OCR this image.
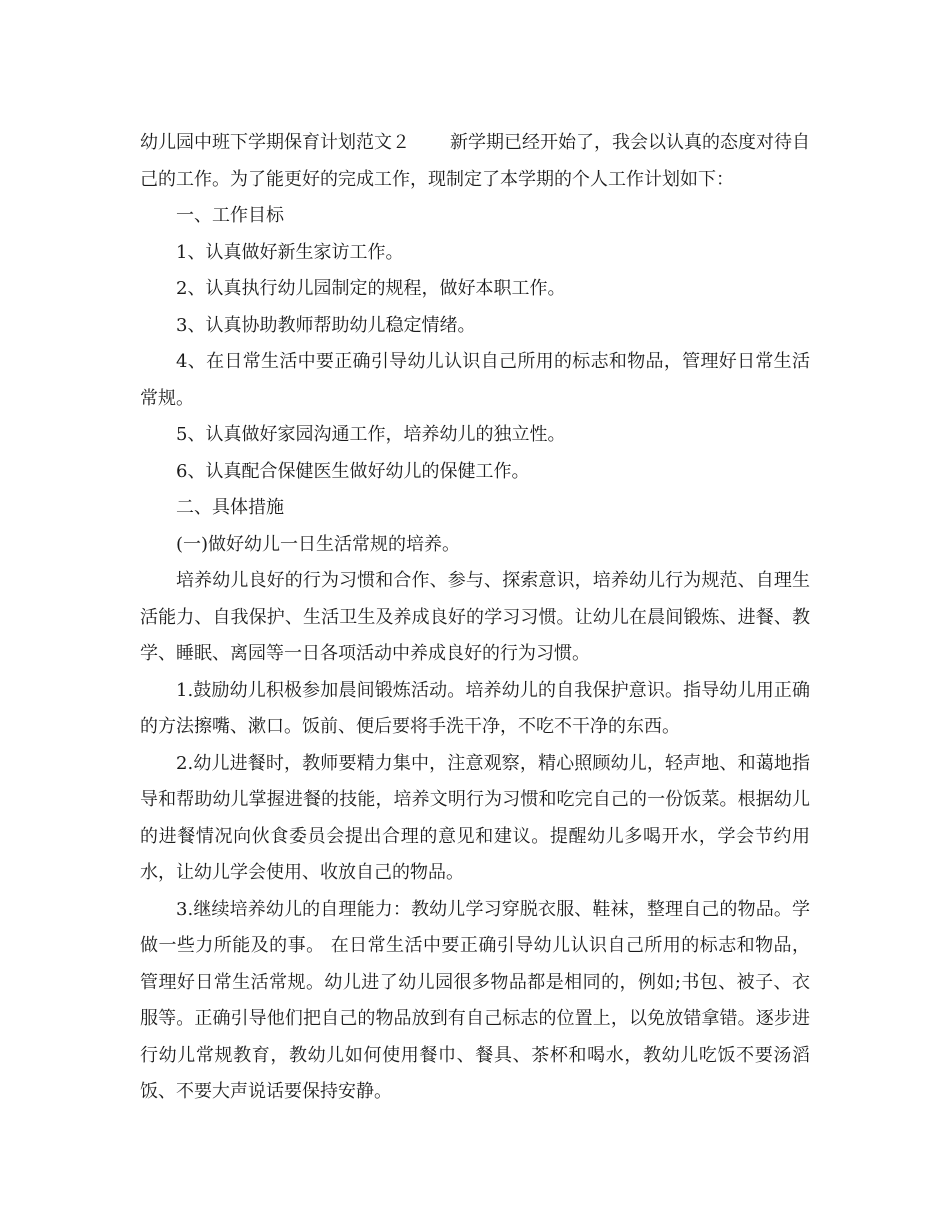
幼儿园中班下学期保育计划范文２ 新学期已经开始了，我会以认真的态度对待自己的工作。为了能更好的完成工作，现制定了本学期的个人工作计划如下：

一、工作目标

1、认真做好新生家访工作。

2、认真执行幼儿园制定的规程，做好本职工作。

3、认真协助教师帮助幼儿稳定情绪。

4、在日常生活中要正确引导幼儿认识自己所用的标志和物品，管理好日常生活常规。

5、认真做好家园沟通工作，培养幼儿的独立性。

6、认真配合保健医生做好幼儿的保健工作。

二、具体措施

(一)做好幼儿一日生活常规的培养。

培养幼儿良好的行为习惯和合作、参与、探索意识，培养幼儿行为规范、自理生活能力、自我保护、生活卫生及养成良好的学习习惯。让幼儿在晨间锻炼、进餐、教学、睡眠、离园等一日各项活动中养成良好的行为习惯。

1.鼓励幼儿积极参加晨间锻炼活动。培养幼儿的自我保护意识。指导幼儿用正确的方法擦嘴、漱口。饭前、便后要将手洗干净，不吃不干净的东西。

2.幼儿进餐时，教师要精力集中，注意观察，精心照顾幼儿，轻声地、和蔼地指导和帮助幼儿掌握进餐的技能，培养文明行为习惯和吃完自己的一份饭菜。根据幼儿的进餐情况向伙食委员会提出合理的意见和建议。提醒幼儿多喝开水，学会节约用水，让幼儿学会使用、收放自己的物品。

3.继续培养幼儿的自理能力：教幼儿学习穿脱衣服、鞋袜，整理自己的物品。学做一些力所能及的事。 在日常生活中要正确引导幼儿认识自己所用的标志和物品，管理好日常生活常规。幼儿进了幼儿园很多物品都是相同的，例如;书包、被子、衣服等。正确引导他们把自己的物品放到有自己标志的位置上，以免放错拿错。逐步进行幼儿常规教育，教幼儿如何使用餐巾、餐具、茶杯和喝水，教幼儿吃饭不要汤滔饭、不要大声说话要保持安静。
